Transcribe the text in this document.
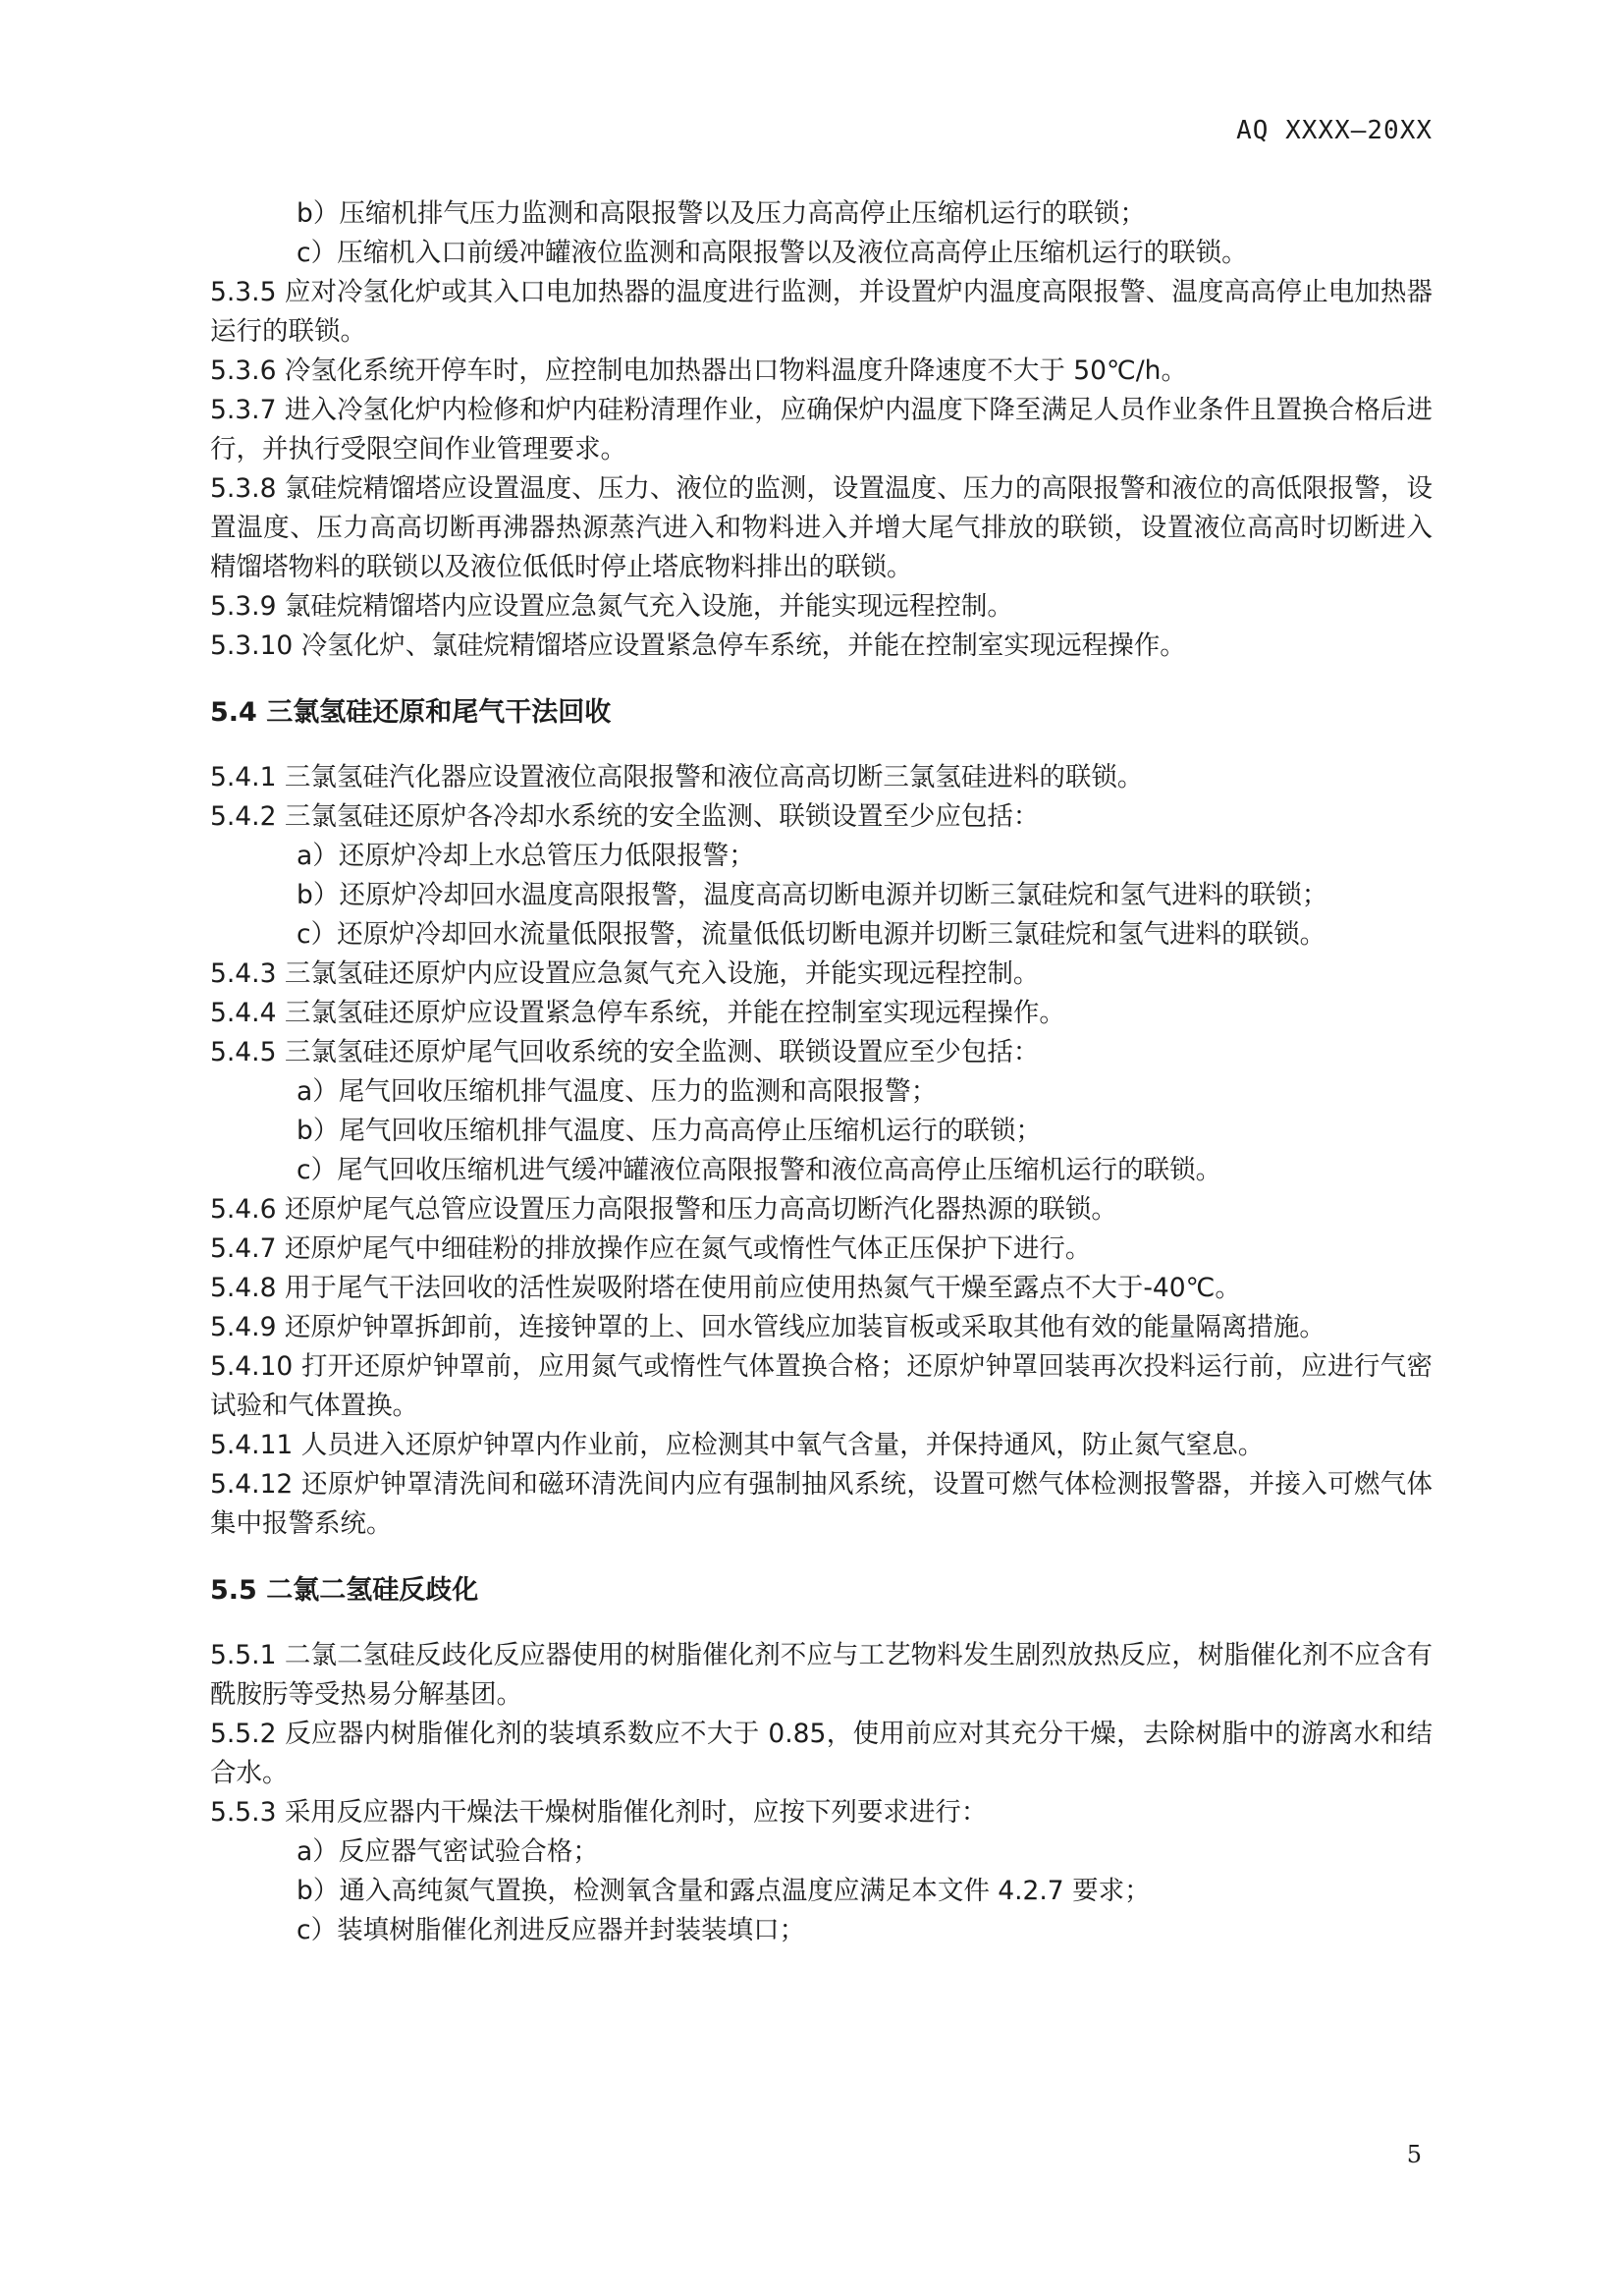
AQ XXXX—20XX
b）压缩机排气压力监测和高限报警以及压力高高停止压缩机运行的联锁；
c）压缩机入口前缓冲罐液位监测和高限报警以及液位高高停止压缩机运行的联锁。
5.3.5 应对冷氢化炉或其入口电加热器的温度进行监测，并设置炉内温度高限报警、温度高高停止电加热器运行的联锁。
5.3.6 冷氢化系统开停车时，应控制电加热器出口物料温度升降速度不大于 50℃/h。
5.3.7 进入冷氢化炉内检修和炉内硅粉清理作业，应确保炉内温度下降至满足人员作业条件且置换合格后进行，并执行受限空间作业管理要求。
5.3.8 氯硅烷精馏塔应设置温度、压力、液位的监测，设置温度、压力的高限报警和液位的高低限报警，设置温度、压力高高切断再沸器热源蒸汽进入和物料进入并增大尾气排放的联锁，设置液位高高时切断进入精馏塔物料的联锁以及液位低低时停止塔底物料排出的联锁。
5.3.9 氯硅烷精馏塔内应设置应急氮气充入设施，并能实现远程控制。
5.3.10 冷氢化炉、氯硅烷精馏塔应设置紧急停车系统，并能在控制室实现远程操作。
5.4 三氯氢硅还原和尾气干法回收
5.4.1 三氯氢硅汽化器应设置液位高限报警和液位高高切断三氯氢硅进料的联锁。
5.4.2 三氯氢硅还原炉各冷却水系统的安全监测、联锁设置至少应包括：
a）还原炉冷却上水总管压力低限报警；
b）还原炉冷却回水温度高限报警，温度高高切断电源并切断三氯硅烷和氢气进料的联锁；
c）还原炉冷却回水流量低限报警，流量低低切断电源并切断三氯硅烷和氢气进料的联锁。
5.4.3 三氯氢硅还原炉内应设置应急氮气充入设施，并能实现远程控制。
5.4.4 三氯氢硅还原炉应设置紧急停车系统，并能在控制室实现远程操作。
5.4.5 三氯氢硅还原炉尾气回收系统的安全监测、联锁设置应至少包括：
a）尾气回收压缩机排气温度、压力的监测和高限报警；
b）尾气回收压缩机排气温度、压力高高停止压缩机运行的联锁；
c）尾气回收压缩机进气缓冲罐液位高限报警和液位高高停止压缩机运行的联锁。
5.4.6 还原炉尾气总管应设置压力高限报警和压力高高切断汽化器热源的联锁。
5.4.7 还原炉尾气中细硅粉的排放操作应在氮气或惰性气体正压保护下进行。
5.4.8 用于尾气干法回收的活性炭吸附塔在使用前应使用热氮气干燥至露点不大于-40℃。
5.4.9 还原炉钟罩拆卸前，连接钟罩的上、回水管线应加装盲板或采取其他有效的能量隔离措施。
5.4.10 打开还原炉钟罩前，应用氮气或惰性气体置换合格；还原炉钟罩回装再次投料运行前，应进行气密试验和气体置换。
5.4.11 人员进入还原炉钟罩内作业前，应检测其中氧气含量，并保持通风，防止氮气窒息。
5.4.12 还原炉钟罩清洗间和磁环清洗间内应有强制抽风系统，设置可燃气体检测报警器，并接入可燃气体集中报警系统。
5.5 二氯二氢硅反歧化
5.5.1 二氯二氢硅反歧化反应器使用的树脂催化剂不应与工艺物料发生剧烈放热反应，树脂催化剂不应含有酰胺肟等受热易分解基团。
5.5.2 反应器内树脂催化剂的装填系数应不大于 0.85，使用前应对其充分干燥，去除树脂中的游离水和结合水。
5.5.3 采用反应器内干燥法干燥树脂催化剂时，应按下列要求进行：
a）反应器气密试验合格；
b）通入高纯氮气置换，检测氧含量和露点温度应满足本文件 4.2.7 要求；
c）装填树脂催化剂进反应器并封装装填口；
5
